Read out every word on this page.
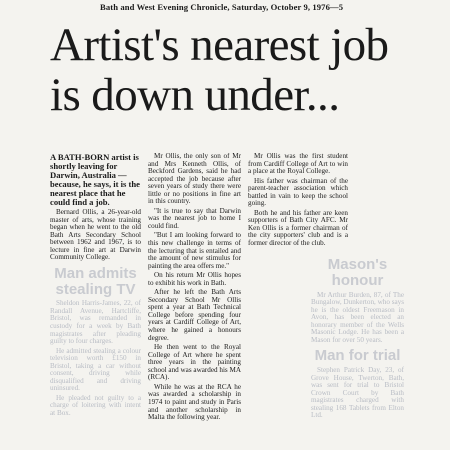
Bath and West Evening Chronicle, Saturday, October 9, 1976—5
Artist's nearest job
is down under...

A BATH-BORN artist is shortly leaving for Darwin, Australia — because, he says, it is the nearest place that he could find a job.

Bernard Ollis, a 26-year-old master of arts, whose training began when he went to the old Bath Arts Secondary School between 1962 and 1967, is to lecture in fine art at Darwin Community College.

Man admits stealing TV

Sheldon Harris-James, 22, of Randall Avenue, Hartcliffe, Bristol, was remanded in custody for a week by Bath magistrates after pleading guilty to four charges.

He admitted stealing a colour television worth £150 in Bristol, taking a car without consent, driving while disqualified and driving uninsured.

He pleaded not guilty to a charge of loitering with intent at Box.

Mr Ollis, the only son of Mr and Mrs Kenneth Ollis, of Beckford Gardens, said he had accepted the job because after seven years of study there were little or no positions in fine art in this country.

"It is true to say that Darwin was the nearest job to home I could find.

"But I am looking forward to this new challenge in terms of the lecturing that is entailed and the amount of new stimulus for painting the area offers me."

On his return Mr Ollis hopes to exhibit his work in Bath.

After he left the Bath Arts Secondary School Mr Ollis spent a year at Bath Technical College before spending four years at Cardiff College of Art, where he gained a honours degree.

He then went to the Royal College of Art where he spent three years in the painting school and was awarded his MA (RCA).

While he was at the RCA he was awarded a scholarship in 1974 to paint and study in Paris and another scholarship in Malta the following year.

Mr Ollis was the first student from Cardiff College of Art to win a place at the Royal College.

His father was chairman of the parent-teacher association which battled in vain to keep the school going.

Both he and his father are keen supporters of Bath City AFC. Mr Ken Ollis is a former chairman of the city supporters' club and is a former director of the club.

Mason's honour

Mr Arthur Burden, 87, of The Bungalow, Dunkerton, who says he is the oldest Freemason in Avon, has been elected an honorary member of the Wells Masonic Lodge. He has been a Mason for over 50 years.

Man for trial

Stephen Patrick Day, 23, of Grove House, Twerton, Bath, was sent for trial to Bristol Crown Court by Bath magistrates charged with stealing 168 Tablets from Elton Ltd.
